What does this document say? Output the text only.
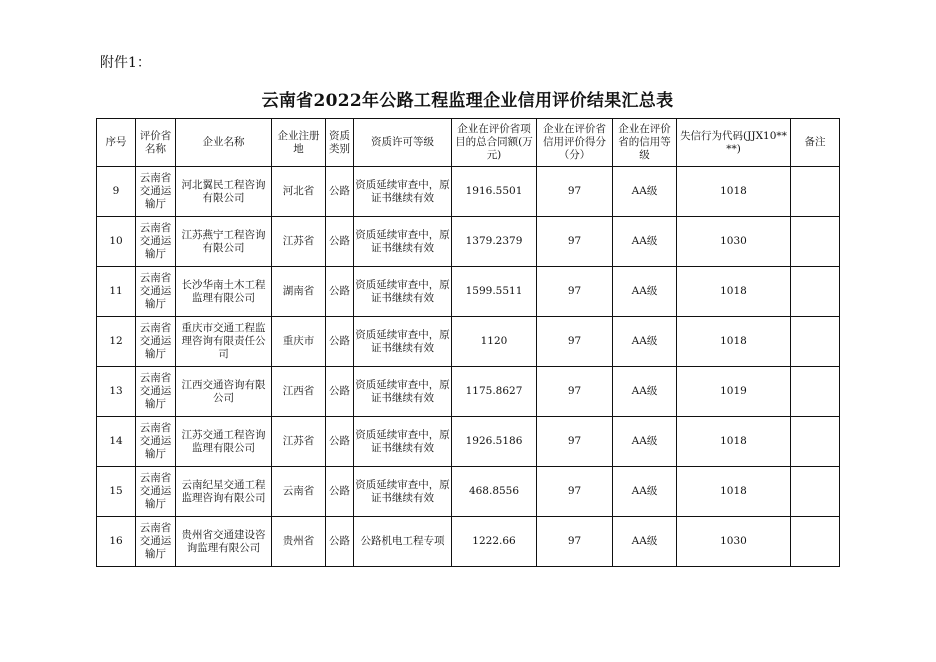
附件1：
云南省2022年公路工程监理企业信用评价结果汇总表
序号	评价省名称	企业名称	企业注册地	资质类别	资质许可等级	企业在评价省项目的总合同额(万元)	企业在评价省信用评价得分（分）	企业在评价省的信用等级	失信行为代码(JJX10****)	备注
9	云南省交通运输厅	河北翼民工程咨询有限公司	河北省	公路	资质延续审查中，原证书继续有效	1916.5501	97	AA级	1018	
10	云南省交通运输厅	江苏燕宁工程咨询有限公司	江苏省	公路	资质延续审查中，原证书继续有效	1379.2379	97	AA级	1030	
11	云南省交通运输厅	长沙华南土木工程监理有限公司	湖南省	公路	资质延续审查中，原证书继续有效	1599.5511	97	AA级	1018	
12	云南省交通运输厅	重庆市交通工程监理咨询有限责任公司	重庆市	公路	资质延续审查中，原证书继续有效	1120	97	AA级	1018	
13	云南省交通运输厅	江西交通咨询有限公司	江西省	公路	资质延续审查中，原证书继续有效	1175.8627	97	AA级	1019	
14	云南省交通运输厅	江苏交通工程咨询监理有限公司	江苏省	公路	资质延续审查中，原证书继续有效	1926.5186	97	AA级	1018	
15	云南省交通运输厅	云南纪星交通工程监理咨询有限公司	云南省	公路	资质延续审查中，原证书继续有效	468.8556	97	AA级	1018	
16	云南省交通运输厅	贵州省交通建设咨询监理有限公司	贵州省	公路	公路机电工程专项	1222.66	97	AA级	1030	
